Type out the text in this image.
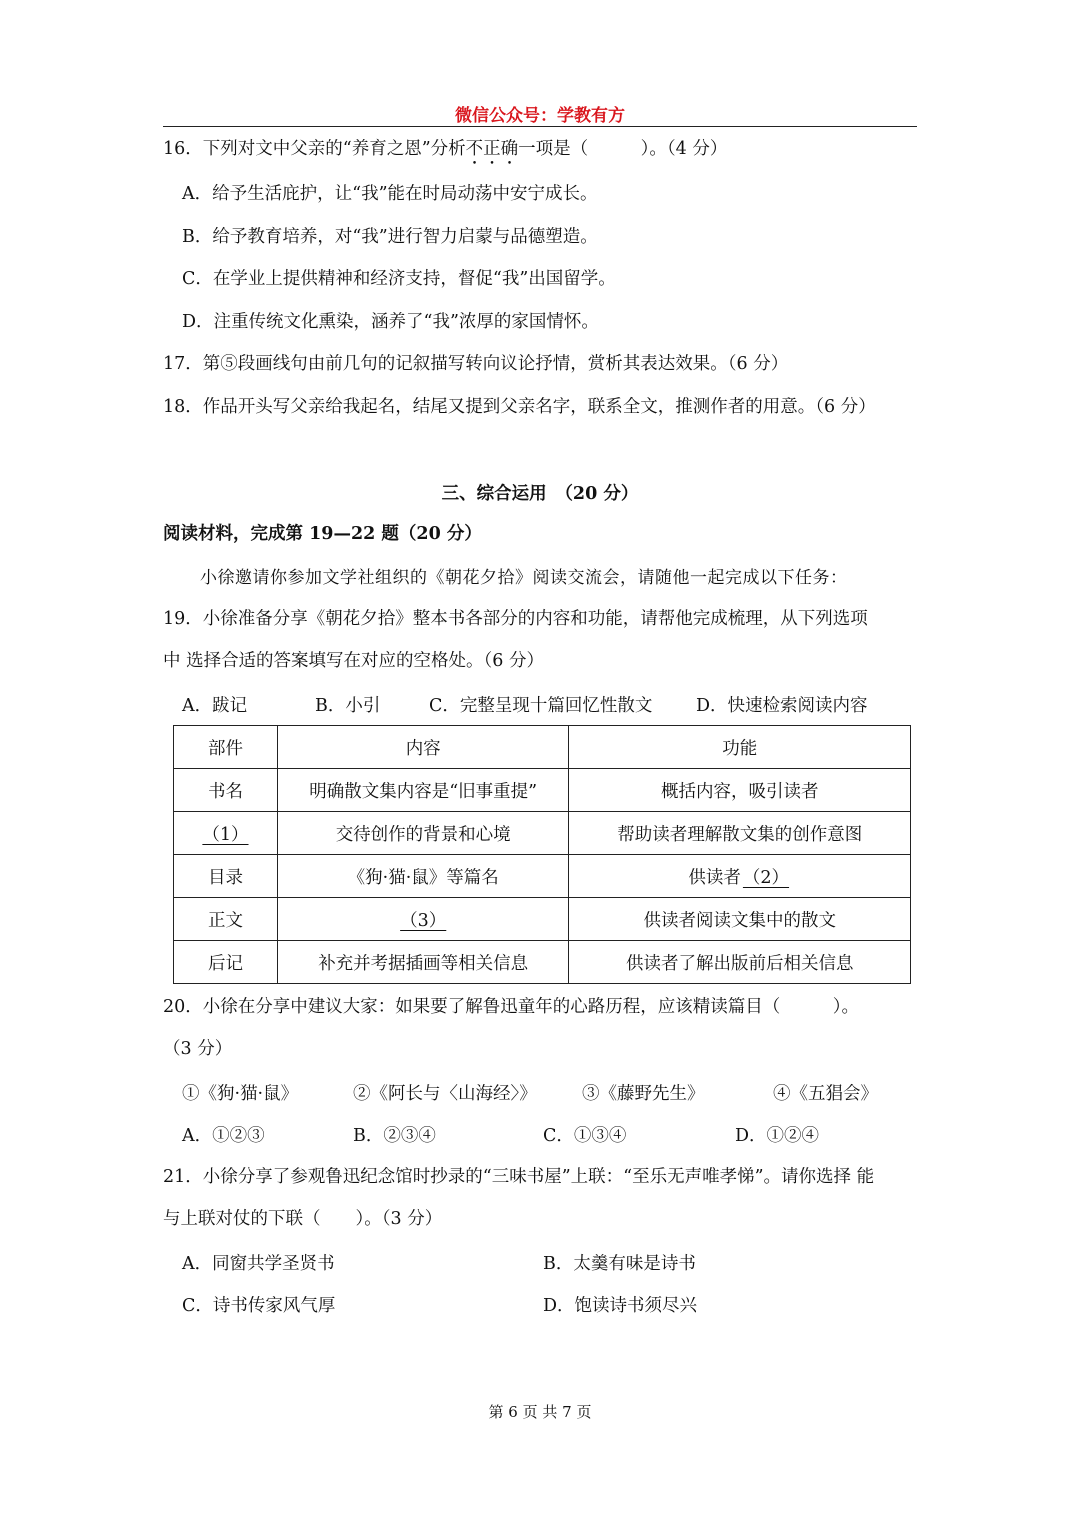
微信公众号：学教有方
16．下列对文中父亲的“养育之恩”分析不正确一项是（　　　）。（4 分）
A．给予生活庇护，让“我”能在时局动荡中安宁成长。
B．给予教育培养，对“我”进行智力启蒙与品德塑造。
C．在学业上提供精神和经济支持，督促“我”出国留学。
D．注重传统文化熏染，涵养了“我”浓厚的家国情怀。
17．第⑤段画线句由前几句的记叙描写转向议论抒情，赏析其表达效果。（6 分）
18．作品开头写父亲给我起名，结尾又提到父亲名字，联系全文，推测作者的用意。（6 分）
三、综合运用　（20 分）
阅读材料，完成第 19—22 题（20 分）
小徐邀请你参加文学社组织的《朝花夕拾》阅读交流会，请随他一起完成以下任务：
19．小徐准备分享《朝花夕拾》整本书各部分的内容和功能，请帮他完成梳理，从下列选项
中 选择合适的答案填写在对应的空格处。（6 分）
A．跋记	B．小引	C．完整呈现十篇回忆性散文 D．快速检索阅读内容
部件	内容	功能
书名	明确散文集内容是“旧事重提”	概括内容，吸引读者
（1）	交待创作的背景和心境	帮助读者理解散文集的创作意图
目录	《狗·猫·鼠》等篇名	供读者 （2）
正文	（3）	供读者阅读文集中的散文
后记	补充并考据插画等相关信息	供读者了解出版前后相关信息
20．小徐在分享中建议大家：如果要了解鲁迅童年的心路历程，应该精读篇目（　　　）。
（3 分）
①《狗·猫·鼠》	②《阿长与〈山海经〉》	③《藤野先生》	④《五猖会》
A．①②③	B．②③④	C．①③④	D．①②④
21．小徐分享了参观鲁迅纪念馆时抄录的“三味书屋”上联：“至乐无声唯孝悌”。请你选择 能
与上联对仗的下联（　　）。（3 分）
A．同窗共学圣贤书	B．太羹有味是诗书
C．诗书传家风气厚	D．饱读诗书须尽兴
第 6 页 共 7 页
